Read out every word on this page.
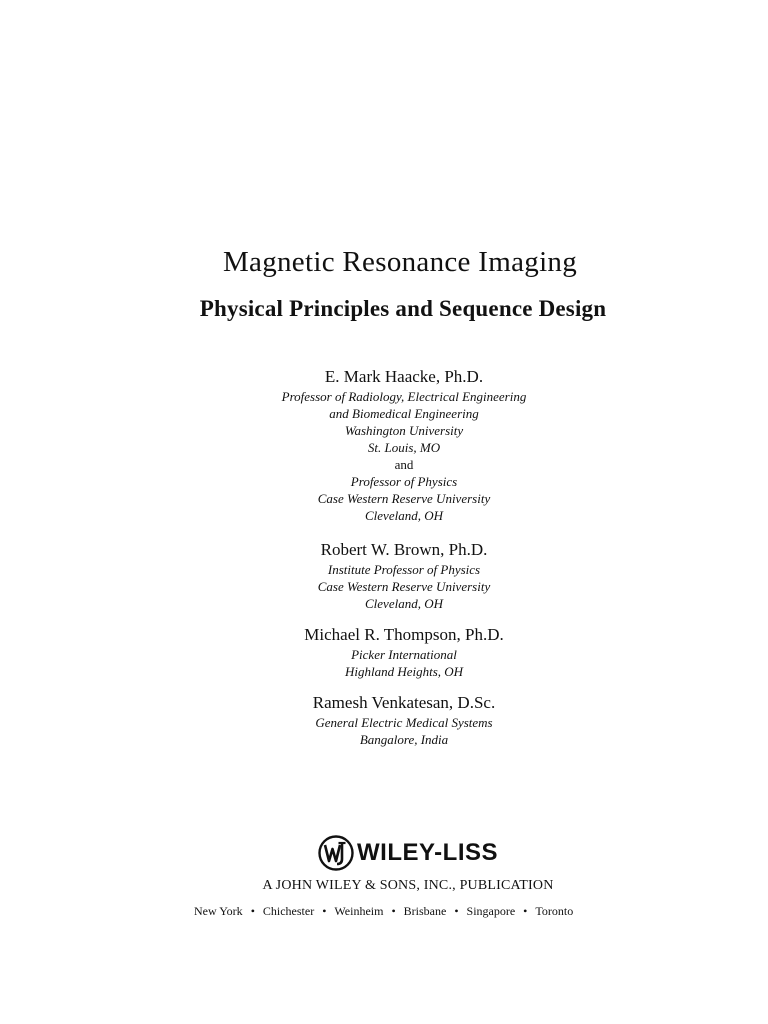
Magnetic Resonance Imaging
Physical Principles and Sequence Design
E. Mark Haacke, Ph.D.
Professor of Radiology, Electrical Engineering
and Biomedical Engineering
Washington University
St. Louis, MO
and
Professor of Physics
Case Western Reserve University
Cleveland, OH
Robert W. Brown, Ph.D.
Institute Professor of Physics
Case Western Reserve University
Cleveland, OH
Michael R. Thompson, Ph.D.
Picker International
Highland Heights, OH
Ramesh Venkatesan, D.Sc.
General Electric Medical Systems
Bangalore, India
WILEY-LISS
A JOHN WILEY & SONS, INC., PUBLICATION
New York • Chichester • Weinheim • Brisbane • Singapore • Toronto
